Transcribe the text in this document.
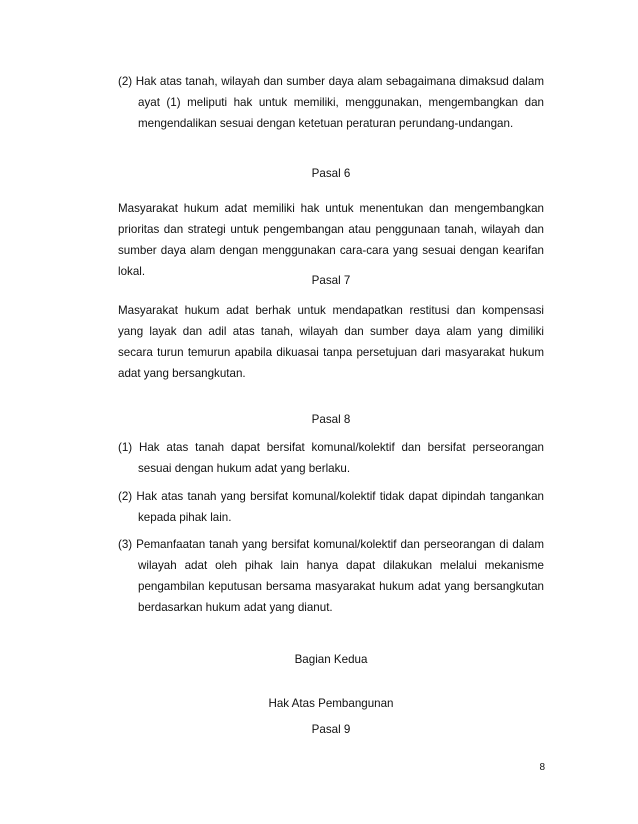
(2) Hak atas tanah, wilayah dan sumber daya alam sebagaimana dimaksud dalam ayat (1) meliputi hak untuk memiliki, menggunakan, mengembangkan dan mengendalikan sesuai dengan ketetuan peraturan perundang-undangan.

Pasal 6

Masyarakat hukum adat memiliki hak untuk menentukan dan mengembangkan prioritas dan strategi untuk pengembangan atau penggunaan tanah, wilayah dan sumber daya alam dengan menggunakan cara-cara yang sesuai dengan kearifan lokal.

Pasal 7

Masyarakat hukum adat berhak untuk mendapatkan restitusi dan kompensasi yang layak dan adil atas tanah, wilayah dan sumber daya alam yang dimiliki secara turun temurun apabila dikuasai tanpa persetujuan dari masyarakat hukum adat yang bersangkutan.

Pasal 8

(1) Hak atas tanah dapat bersifat komunal/kolektif dan bersifat perseorangan sesuai dengan hukum adat yang berlaku.

(2) Hak atas tanah yang bersifat komunal/kolektif tidak dapat dipindah tangankan kepada pihak lain.

(3) Pemanfaatan tanah yang bersifat komunal/kolektif dan perseorangan di dalam wilayah adat oleh pihak lain hanya dapat dilakukan melalui mekanisme pengambilan keputusan bersama masyarakat hukum adat yang bersangkutan berdasarkan hukum adat yang dianut.

Bagian Kedua
Hak Atas Pembangunan
Pasal 9
8
